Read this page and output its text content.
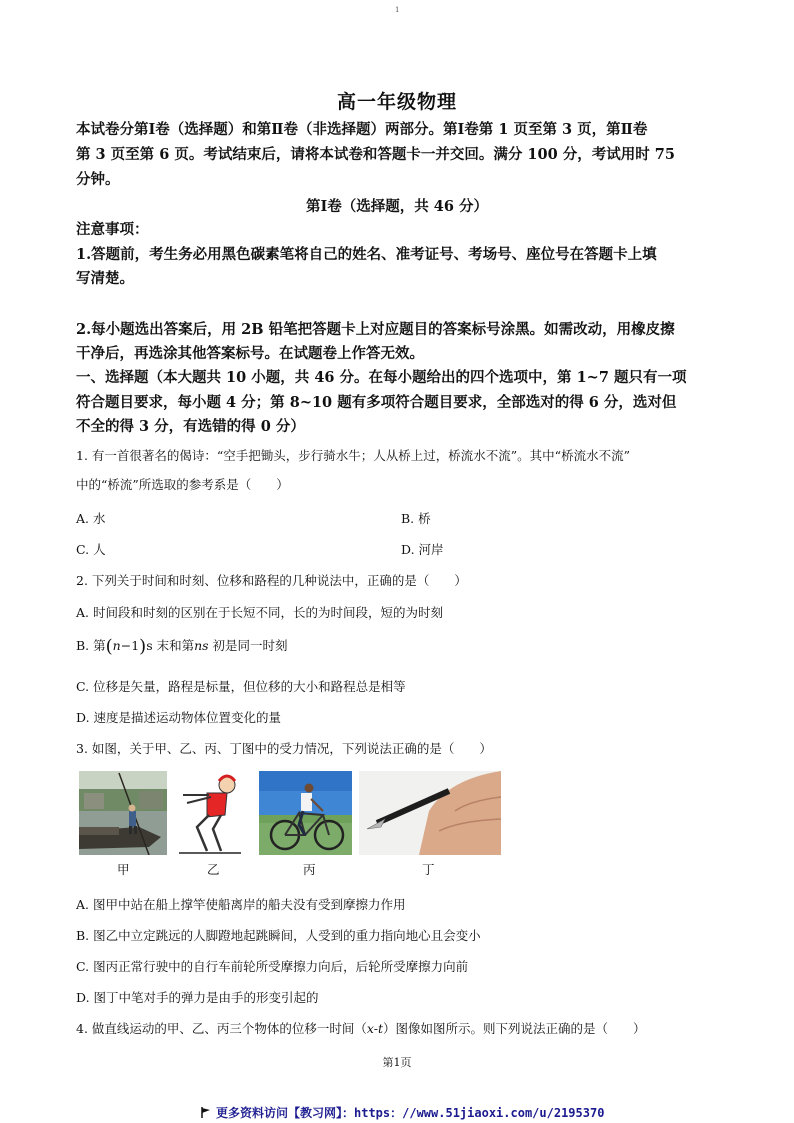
1
高一年级物理
本试卷分第Ⅰ卷（选择题）和第Ⅱ卷（非选择题）两部分。第Ⅰ卷第 1 页至第 3 页，第Ⅱ卷
第 3 页至第 6 页。考试结束后，请将本试卷和答题卡一并交回。满分 100 分，考试用时 75
分钟。
第Ⅰ卷（选择题，共 46 分）
注意事项：
1.答题前，考生务必用黑色碳素笔将自己的姓名、准考证号、考场号、座位号在答题卡上填
写清楚。
2.每小题选出答案后，用 2B 铅笔把答题卡上对应题目的答案标号涂黑。如需改动，用橡皮擦
干净后，再选涂其他答案标号。在试题卷上作答无效。
一、选择题（本大题共 10 小题，共 46 分。在每小题给出的四个选项中，第 1~7 题只有一项
符合题目要求，每小题 4 分；第 8~10 题有多项符合题目要求，全部选对的得 6 分，选对但
不全的得 3 分，有选错的得 0 分）
1. 有一首很著名的偈诗：“空手把锄头，步行骑水牛；人从桥上过，桥流水不流”。其中“桥流水不流”
中的“桥流”所选取的参考系是（　　）
A. 水	B. 桥
C. 人	D. 河岸
2. 下列关于时间和时刻、位移和路程的几种说法中，正确的是（　　）
A. 时间段和时刻的区别在于长短不同，长的为时间段，短的为时刻
B. 第(n−1)s 末和第ns 初是同一时刻
C. 位移是矢量，路程是标量，但位移的大小和路程总是相等
D. 速度是描述运动物体位置变化的量
3. 如图，关于甲、乙、丙、丁图中的受力情况，下列说法正确的是（　　）
甲	乙	丙	丁
A. 图甲中站在船上撑竿使船离岸的船夫没有受到摩擦力作用
B. 图乙中立定跳远的人脚蹬地起跳瞬间，人受到的重力指向地心且会变小
C. 图丙正常行驶中的自行车前轮所受摩擦力向后，后轮所受摩擦力向前
D. 图丁中笔对手的弹力是由手的形变引起的
4. 做直线运动的甲、乙、丙三个物体的位移一时间（x-t）图像如图所示。则下列说法正确的是（　　）
第1页
更多资料访问【教习网】：https：//www.51jiaoxi.com/u/2195370
